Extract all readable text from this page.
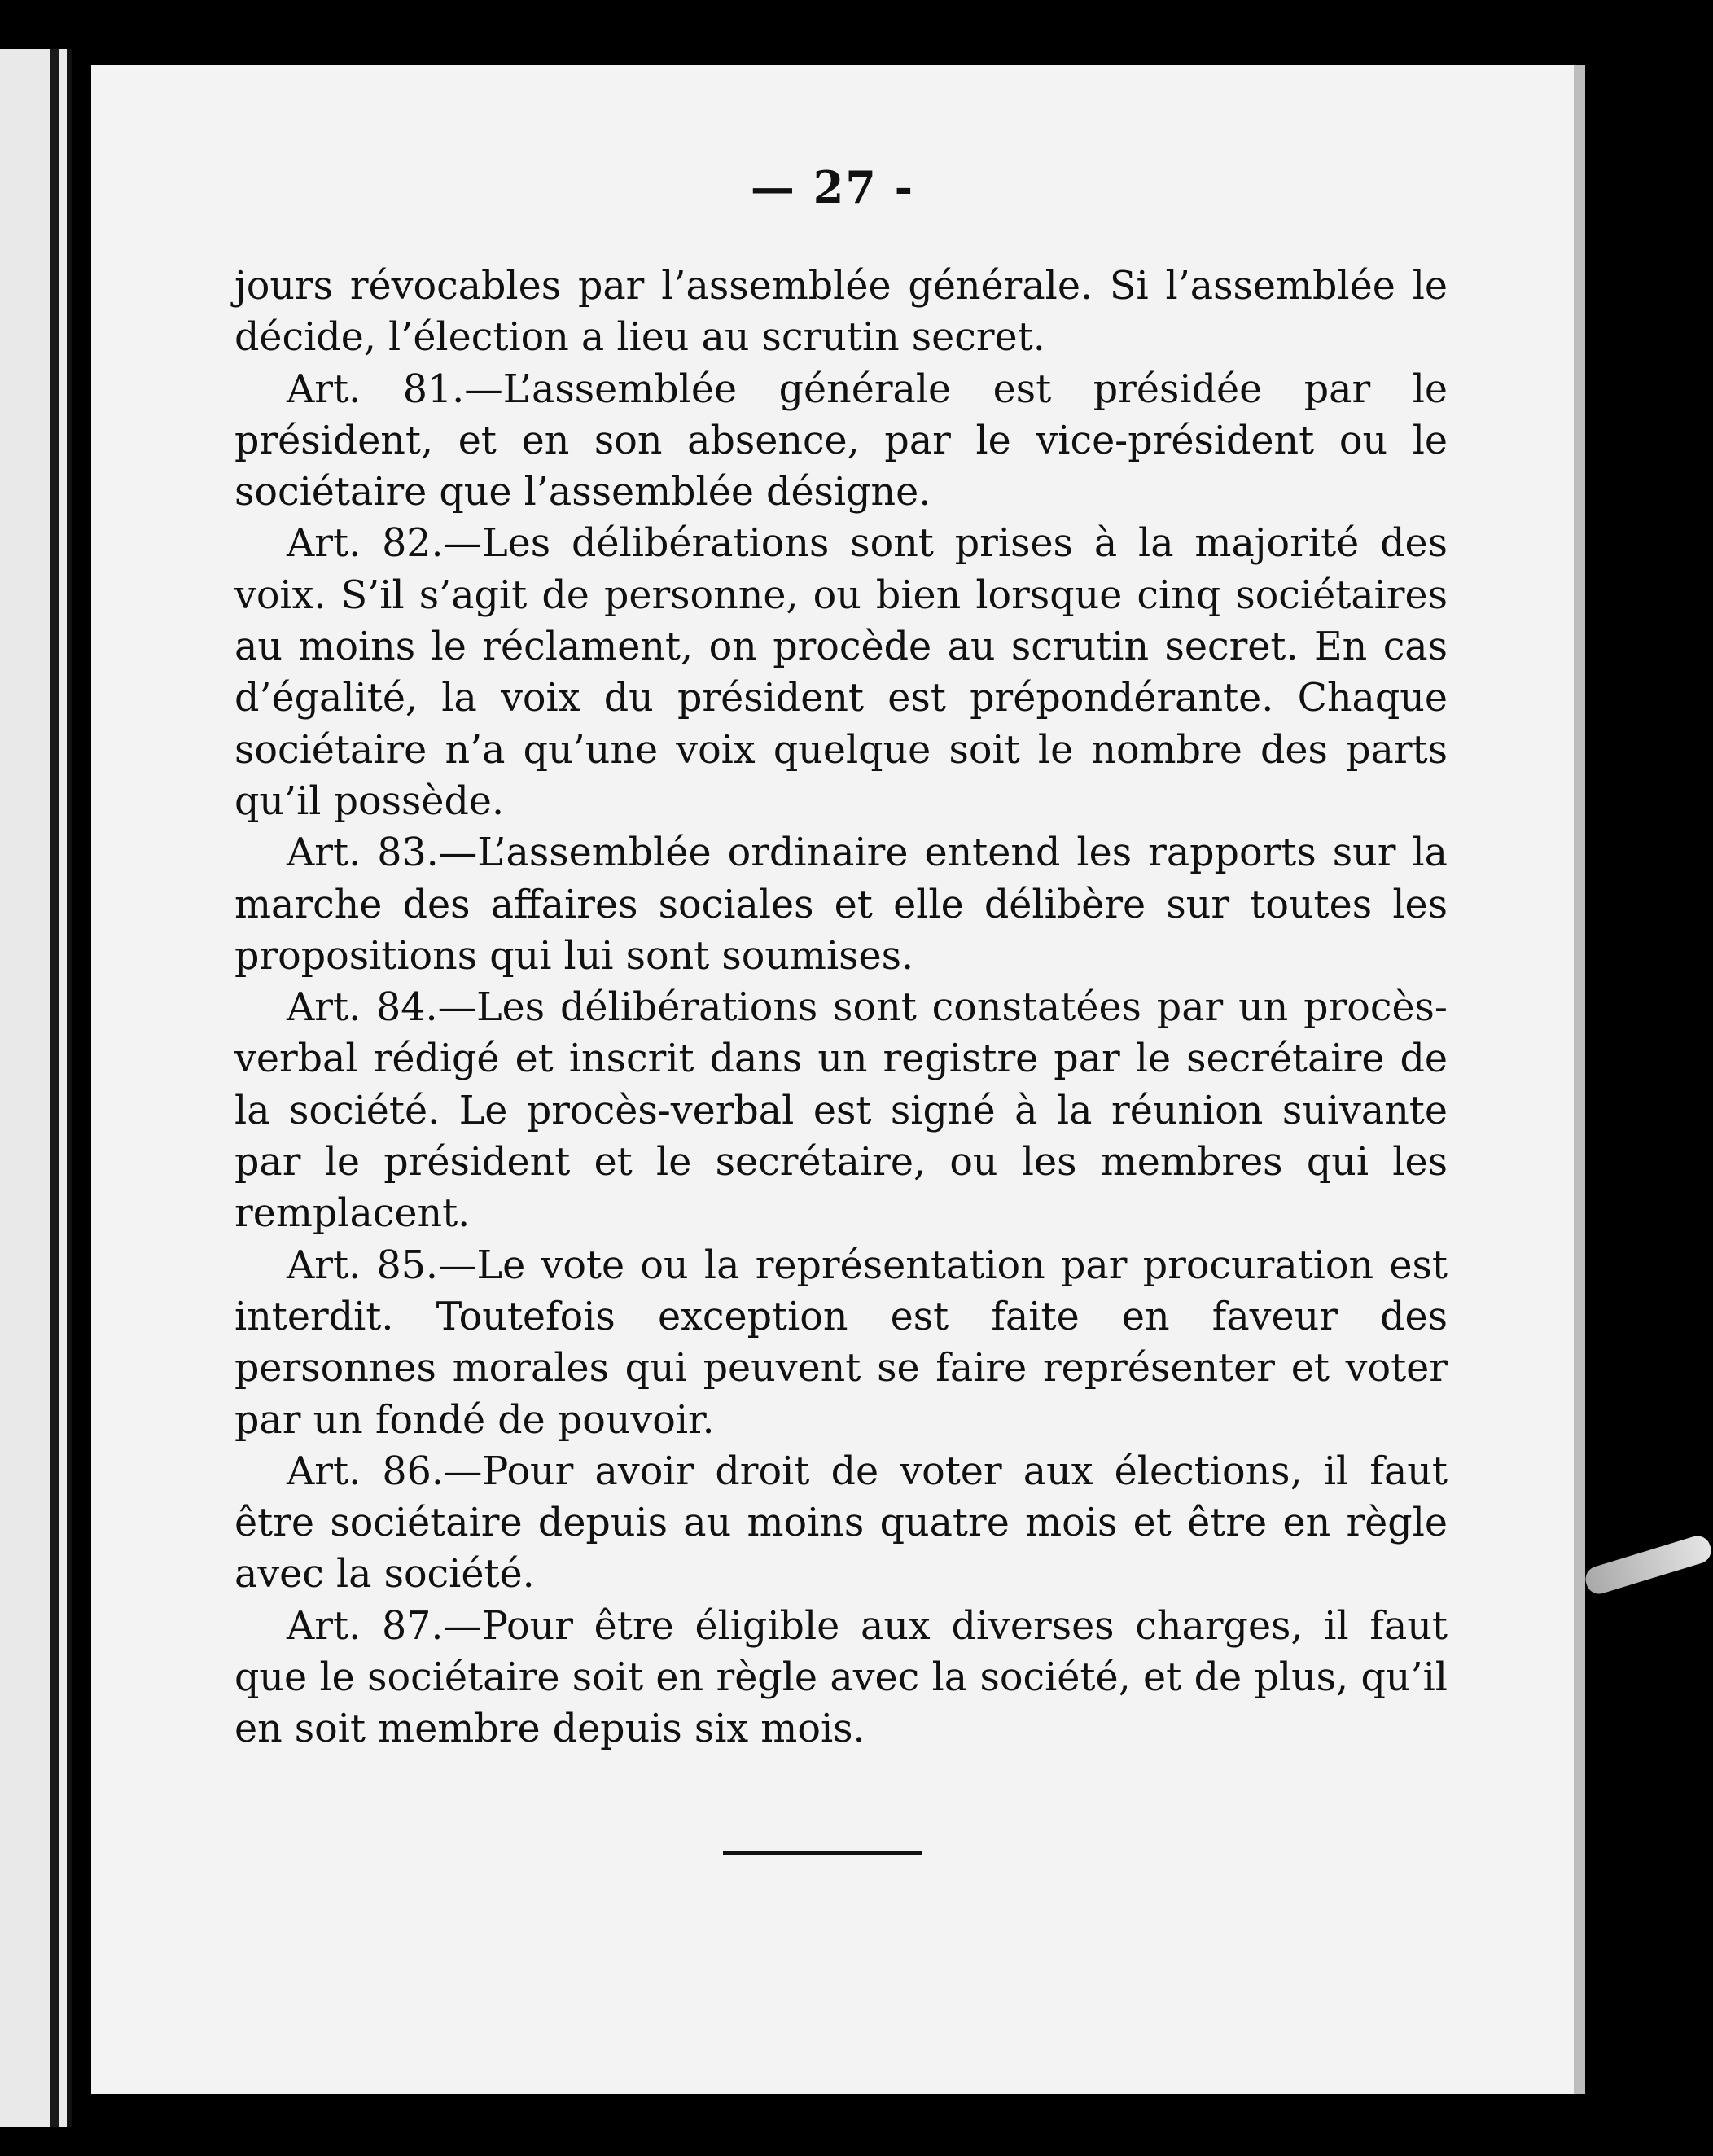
— 27 -

jours révocables par l’assemblée générale. Si l’assemblée le décide, l’élection a lieu au scrutin secret.

Art. 81.—L’assemblée générale est présidée par le président, et en son absence, par le vice-président ou le sociétaire que l’assemblée désigne.

Art. 82.—Les délibérations sont prises à la majorité des voix. S’il s’agit de personne, ou bien lorsque cinq sociétaires au moins le réclament, on procède au scrutin secret. En cas d’égalité, la voix du président est prépondérante. Chaque sociétaire n’a qu’une voix quelque soit le nombre des parts qu’il possède.

Art. 83.—L’assemblée ordinaire entend les rapports sur la marche des affaires sociales et elle délibère sur toutes les propositions qui lui sont soumises.

Art. 84.—Les délibérations sont constatées par un procès-verbal rédigé et inscrit dans un registre par le secrétaire de la société. Le procès-verbal est signé à la réunion suivante par le président et le secrétaire, ou les membres qui les remplacent.

Art. 85.—Le vote ou la représentation par procuration est interdit. Toutefois exception est faite en faveur des personnes morales qui peuvent se faire représenter et voter par un fondé de pouvoir.

Art. 86.—Pour avoir droit de voter aux élections, il faut être sociétaire depuis au moins quatre mois et être en règle avec la société.

Art. 87.—Pour être éligible aux diverses charges, il faut que le sociétaire soit en règle avec la société, et de plus, qu’il en soit membre depuis six mois.
